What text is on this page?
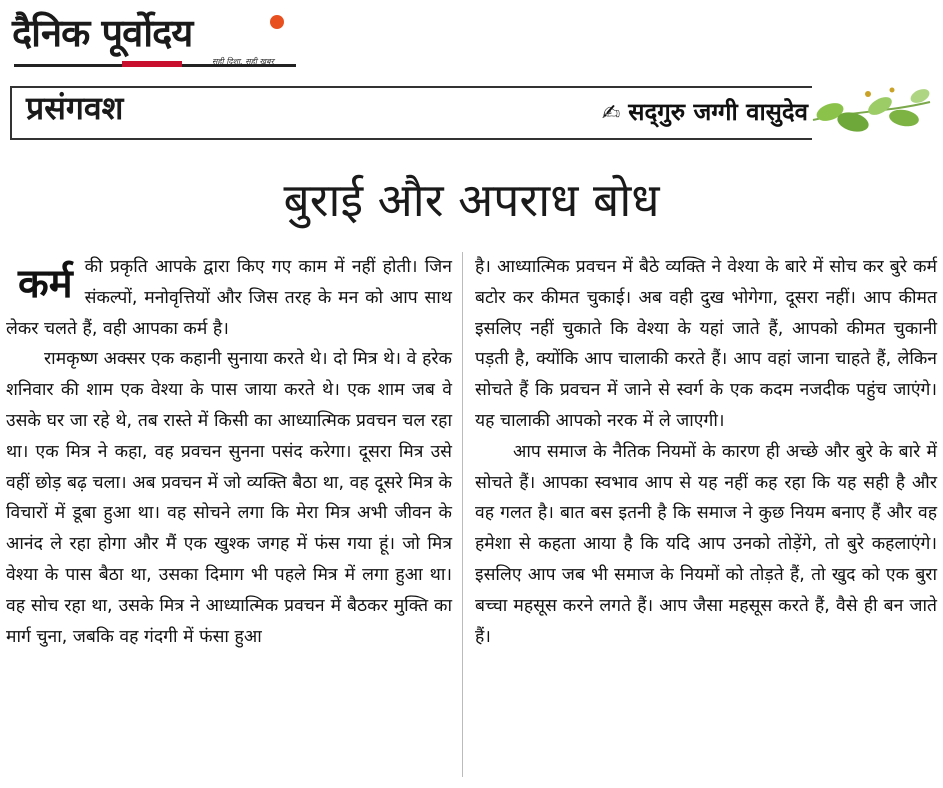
दैनिक पूर्वोदय
सही दिशा, सही खबर
प्रसंगवश	✍ सद्‌गुरु जग्गी वासुदेव
बुराई और अपराध बोध
कर्म की प्रकृति आपके द्वारा किए गए काम में नहीं होती। जिन संकल्पों, मनोवृत्तियों और जिस तरह के मन को आप साथ लेकर चलते हैं, वही आपका कर्म है।

रामकृष्ण अक्सर एक कहानी सुनाया करते थे। दो मित्र थे। वे हरेक शनिवार की शाम एक वेश्या के पास जाया करते थे। एक शाम जब वे उसके घर जा रहे थे, तब रास्ते में किसी का आध्यात्मिक प्रवचन चल रहा था। एक मित्र ने कहा, वह प्रवचन सुनना पसंद करेगा। दूसरा मित्र उसे वहीं छोड़ बढ़ चला। अब प्रवचन में जो व्यक्ति बैठा था, वह दूसरे मित्र के विचारों में डूबा हुआ था। वह सोचने लगा कि मेरा मित्र अभी जीवन के आनंद ले रहा होगा और मैं एक खुश्क जगह में फंस गया हूं। जो मित्र वेश्या के पास बैठा था, उसका दिमाग भी पहले मित्र में लगा हुआ था। वह सोच रहा था, उसके मित्र ने आध्यात्मिक प्रवचन में बैठकर मुक्ति का मार्ग चुना, जबकि वह गंदगी में फंसा हुआ

है। आध्यात्मिक प्रवचन में बैठे व्यक्ति ने वेश्या के बारे में सोच कर बुरे कर्म बटोर कर कीमत चुकाई। अब वही दुख भोगेगा, दूसरा नहीं। आप कीमत इसलिए नहीं चुकाते कि वेश्या के यहां जाते हैं, आपको कीमत चुकानी पड़ती है, क्योंकि आप चालाकी करते हैं। आप वहां जाना चाहते हैं, लेकिन सोचते हैं कि प्रवचन में जाने से स्वर्ग के एक कदम नजदीक पहुंच जाएंगे। यह चालाकी आपको नरक में ले जाएगी।

आप समाज के नैतिक नियमों के कारण ही अच्छे और बुरे के बारे में सोचते हैं। आपका स्वभाव आप से यह नहीं कह रहा कि यह सही है और वह गलत है। बात बस इतनी है कि समाज ने कुछ नियम बनाए हैं और वह हमेशा से कहता आया है कि यदि आप उनको तोड़ेंगे, तो बुरे कहलाएंगे। इसलिए आप जब भी समाज के नियमों को तोड़ते हैं, तो खुद को एक बुरा बच्चा महसूस करने लगते हैं। आप जैसा महसूस करते हैं, वैसे ही बन जाते हैं।
